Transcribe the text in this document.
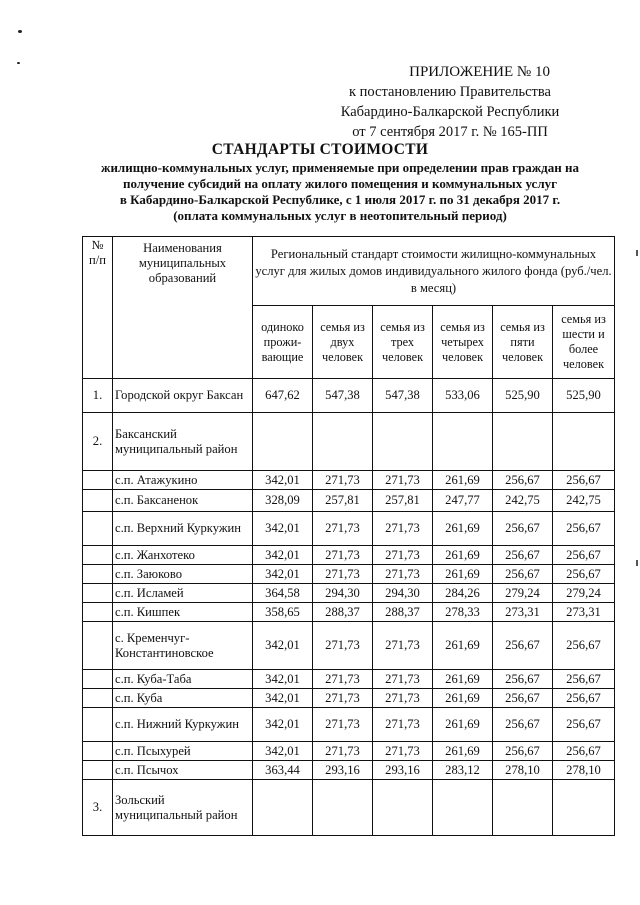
ПРИЛОЖЕНИЕ № 10
к постановлению Правительства
Кабардино-Балкарской Республики
от 7 сентября 2017 г. № 165-ПП
СТАНДАРТЫ СТОИМОСТИ
жилищно-коммунальных услуг, применяемые при определении прав граждан на
получение субсидий на оплату жилого помещения и коммунальных услуг
в Кабардино-Балкарской Республике, с 1 июля 2017 г. по 31 декабря 2017 г.
(оплата коммунальных услуг в неотопительный период)
№ п/п	Наименования муниципальных образований	Региональный стандарт стоимости жилищно-коммунальных услуг для жилых домов индивидуального жилого фонда (руб./чел. в месяц)					
		одиноко прожи-вающие	семья из двух человек	семья из трех человек	семья из четырех человек	семья из пяти человек	семья из шести и более человек
1.	Городской округ Баксан	647,62	547,38	547,38	533,06	525,90	525,90
2.	Баксанский муниципальный район						
	с.п. Атажукино	342,01	271,73	271,73	261,69	256,67	256,67
	с.п. Баксаненок	328,09	257,81	257,81	247,77	242,75	242,75
	с.п. Верхний Куркужин	342,01	271,73	271,73	261,69	256,67	256,67
	с.п. Жанхотеко	342,01	271,73	271,73	261,69	256,67	256,67
	с.п. Заюково	342,01	271,73	271,73	261,69	256,67	256,67
	с.п. Исламей	364,58	294,30	294,30	284,26	279,24	279,24
	с.п. Кишпек	358,65	288,37	288,37	278,33	273,31	273,31
	с. Кременчуг-Константиновское	342,01	271,73	271,73	261,69	256,67	256,67
	с.п. Куба-Таба	342,01	271,73	271,73	261,69	256,67	256,67
	с.п. Куба	342,01	271,73	271,73	261,69	256,67	256,67
	с.п. Нижний Куркужин	342,01	271,73	271,73	261,69	256,67	256,67
	с.п. Псыхурей	342,01	271,73	271,73	261,69	256,67	256,67
	с.п. Псычох	363,44	293,16	293,16	283,12	278,10	278,10
3.	Зольский муниципальный район						
